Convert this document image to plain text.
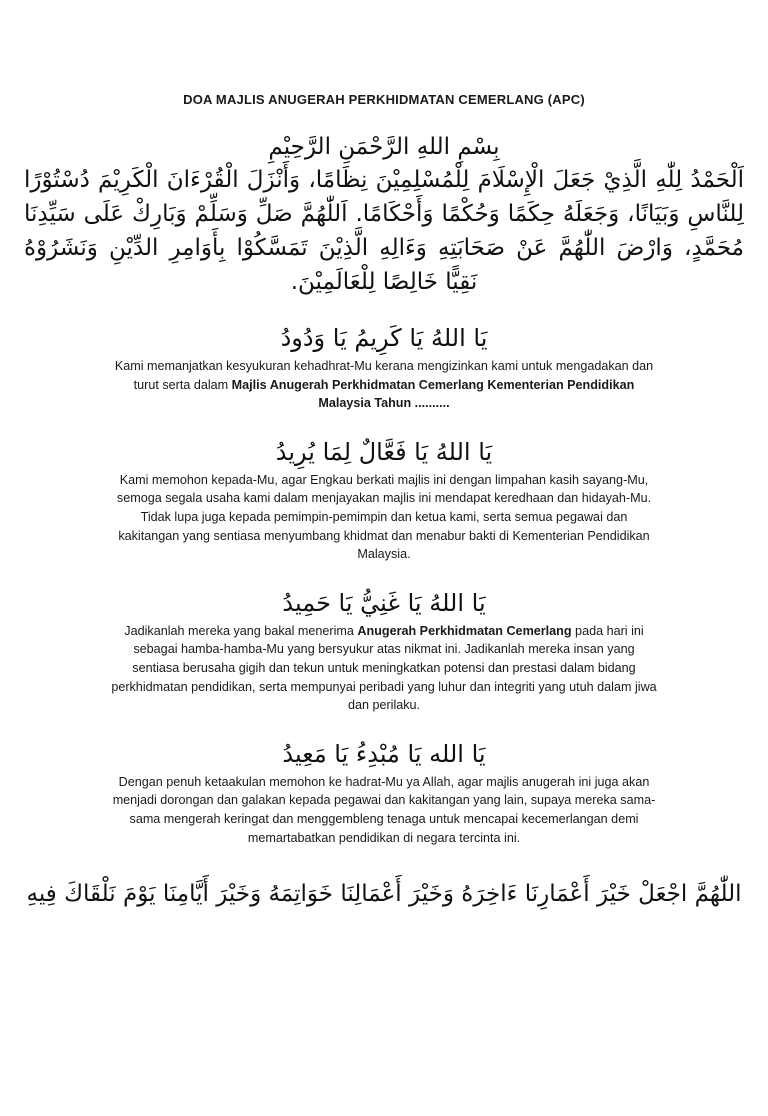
DOA MAJLIS ANUGERAH PERKHIDMATAN CEMERLANG (APC)

بِسْمِ اللهِ الرَّحْمَنِ الرَّحِيْمِ

اَلْحَمْدُ لِلّٰهِ الَّذِيْ جَعَلَ الْإِسْلَامَ لِلْمُسْلِمِيْنَ نِظَامًا، وَأَنْزَلَ الْقُرْءَانَ الْكَرِيْمَ دُسْتُوْرًا لِلنَّاسِ وَبَيَانًا، وَجَعَلَهُ حِكَمًا وَحُكْمًا وَأَحْكَامًا. اَللّٰهُمَّ صَلِّ وَسَلِّمْ وَبَارِكْ عَلَى سَيِّدِنَا مُحَمَّدٍ، وَارْضَ اللّٰهُمَّ عَنْ صَحَابَتِهِ وَءَالِهِ الَّذِيْنَ تَمَسَّكُوْا بِأَوَامِرِ الدِّيْنِ وَنَشَرُوْهُ نَقِيًّا خَالِصًا لِلْعَالَمِيْنَ.

يَا اللهُ يَا كَرِيمُ يَا وَدُودُ

Kami memanjatkan kesyukuran kehadhrat-Mu kerana mengizinkan kami untuk mengadakan dan turut serta dalam Majlis Anugerah Perkhidmatan Cemerlang Kementerian Pendidikan Malaysia Tahun ..........

يَا اللهُ يَا فَعَّالٌ لِمَا يُرِيدُ

Kami memohon kepada-Mu, agar Engkau berkati majlis ini dengan limpahan kasih sayang-Mu, semoga segala usaha kami dalam menjayakan majlis ini mendapat keredhaan dan hidayah-Mu. Tidak lupa juga kepada pemimpin-pemimpin dan ketua kami, serta semua pegawai dan kakitangan yang sentiasa menyumbang khidmat dan menabur bakti di Kementerian Pendidikan Malaysia.

يَا اللهُ يَا غَنِيُّ يَا حَمِيدُ

Jadikanlah mereka yang bakal menerima Anugerah Perkhidmatan Cemerlang pada hari ini sebagai hamba-hamba-Mu yang bersyukur atas nikmat ini. Jadikanlah mereka insan yang sentiasa berusaha gigih dan tekun untuk meningkatkan potensi dan prestasi dalam bidang perkhidmatan pendidikan, serta mempunyai peribadi yang luhur dan integriti yang utuh dalam jiwa dan perilaku.

يَا الله يَا مُبْدِءُ يَا مَعِيدُ

Dengan penuh ketaakulan memohon ke hadrat-Mu ya Allah, agar majlis anugerah ini juga akan menjadi dorongan dan galakan kepada pegawai dan kakitangan yang lain, supaya mereka sama-sama mengerah keringat dan menggembleng tenaga untuk mencapai kecemerlangan demi memartabatkan pendidikan di negara tercinta ini.

اللّٰهُمَّ اجْعَلْ خَيْرَ أَعْمَارِنَا ءَاخِرَهُ وَخَيْرَ أَعْمَالِنَا خَوَاتِمَهُ وَخَيْرَ أَيَّامِنَا يَوْمَ نَلْقَاكَ فِيهِ
